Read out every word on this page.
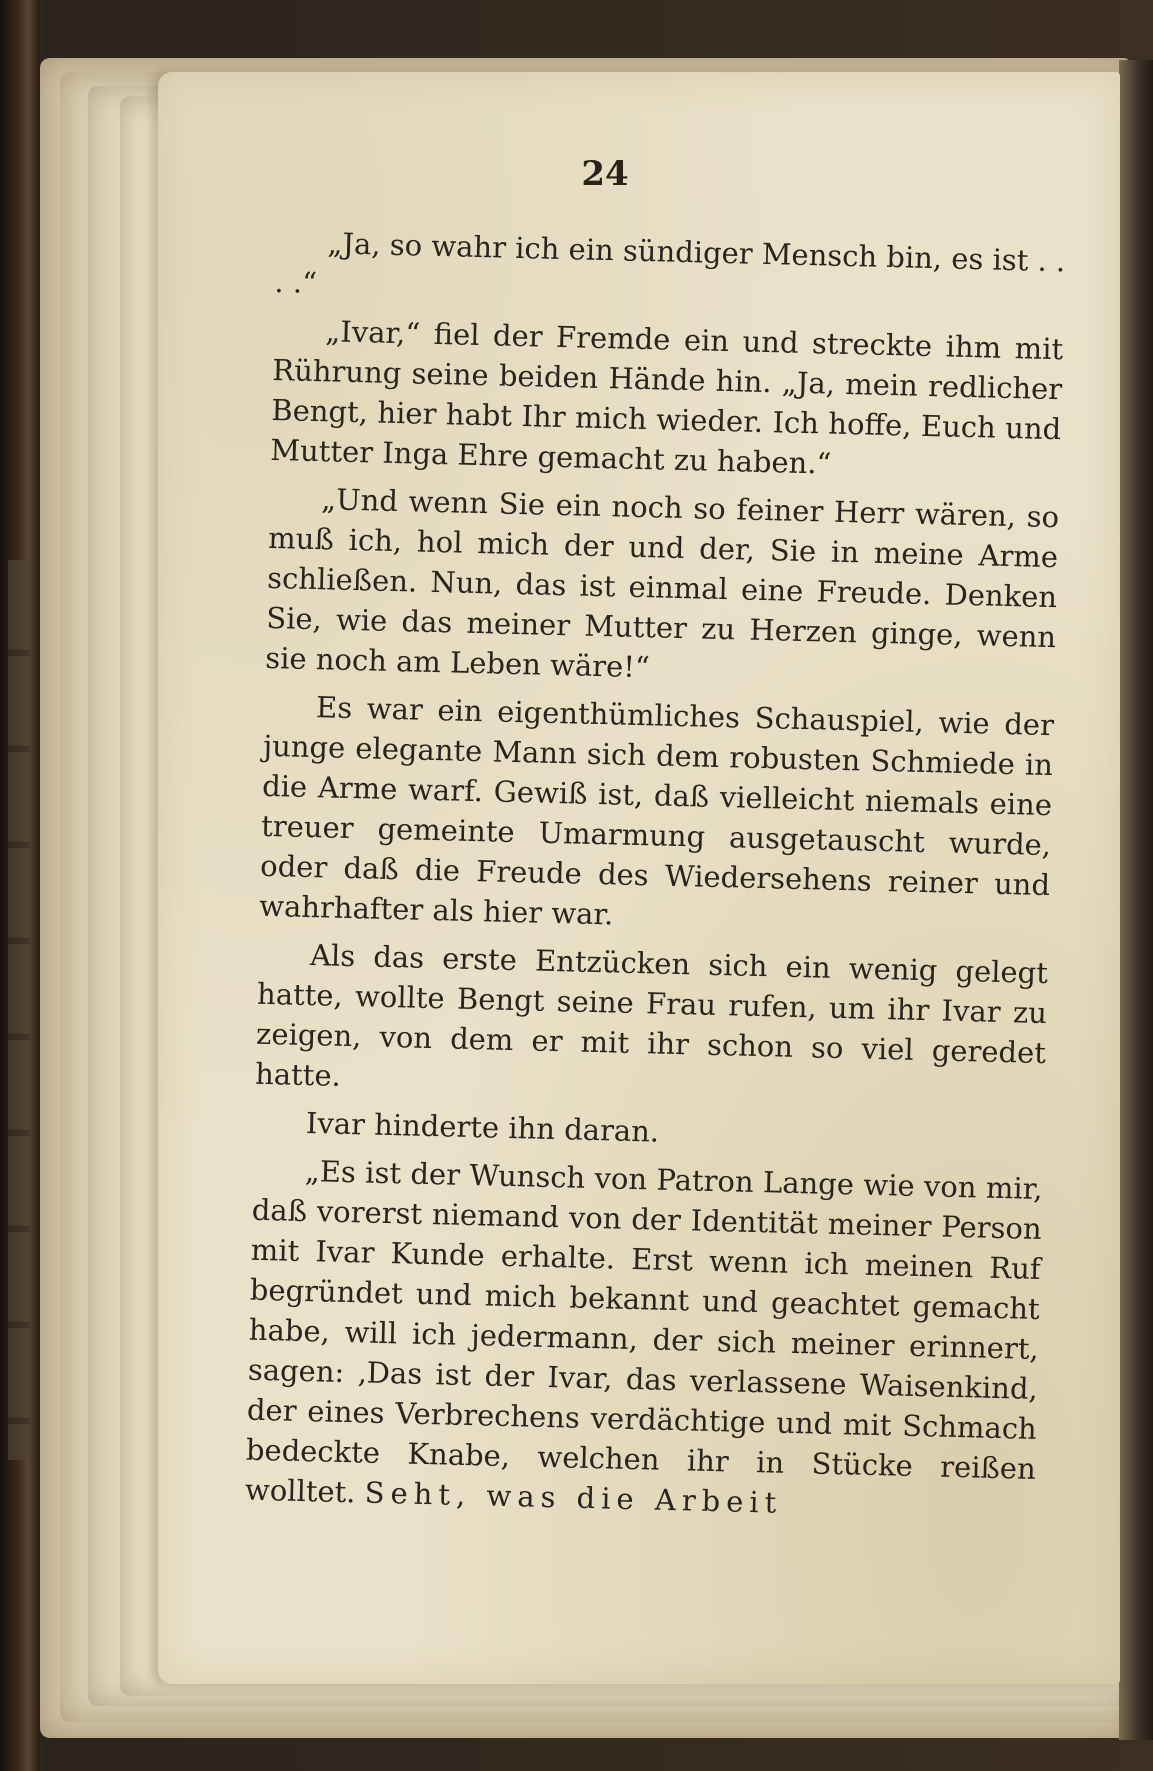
24

„Ja, so wahr ich ein sündiger Mensch bin, es ist . . . .“

„Ivar,“ fiel der Fremde ein und streckte ihm mit Rührung seine beiden Hände hin. „Ja, mein redlicher Bengt, hier habt Ihr mich wieder. Ich hoffe, Euch und Mutter Inga Ehre gemacht zu haben.“

„Und wenn Sie ein noch so feiner Herr wären, so muß ich, hol mich der und der, Sie in meine Arme schließen. Nun, das ist einmal eine Freude. Denken Sie, wie das meiner Mutter zu Herzen ginge, wenn sie noch am Leben wäre!“

Es war ein eigenthümliches Schauspiel, wie der junge elegante Mann sich dem robusten Schmiede in die Arme warf. Gewiß ist, daß vielleicht niemals eine treuer gemeinte Umarmung ausgetauscht wurde, oder daß die Freude des Wiedersehens reiner und wahrhafter als hier war.

Als das erste Entzücken sich ein wenig gelegt hatte, wollte Bengt seine Frau rufen, um ihr Ivar zu zeigen, von dem er mit ihr schon so viel geredet hatte.

Ivar hinderte ihn daran.

„Es ist der Wunsch von Patron Lange wie von mir, daß vorerst niemand von der Identität meiner Person mit Ivar Kunde erhalte. Erst wenn ich meinen Ruf begründet und mich bekannt und geachtet gemacht habe, will ich jedermann, der sich meiner erinnert, sagen: ‚Das ist der Ivar, das verlassene Waisenkind, der eines Verbrechens verdächtige und mit Schmach bedeckte Knabe, welchen ihr in Stücke reißen wolltet. Seht, was die Arbeit
